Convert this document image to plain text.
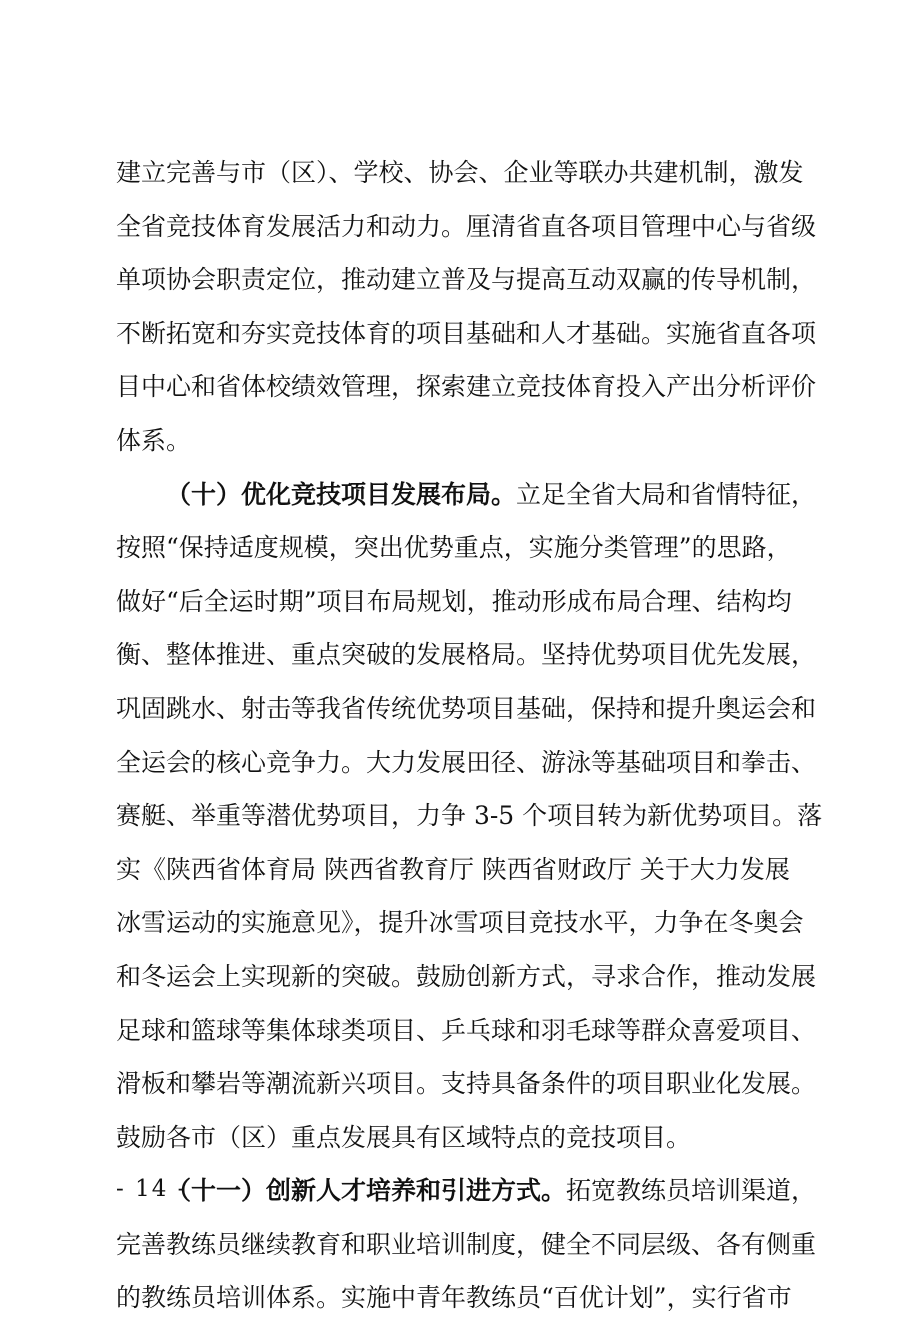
建立完善与市（区）、学校、协会、企业等联办共建机制，激发
全省竞技体育发展活力和动力。厘清省直各项目管理中心与省级
单项协会职责定位，推动建立普及与提高互动双赢的传导机制，
不断拓宽和夯实竞技体育的项目基础和人才基础。实施省直各项
目中心和省体校绩效管理，探索建立竞技体育投入产出分析评价
体系。
（十）优化竞技项目发展布局。立足全省大局和省情特征，
按照“保持适度规模，突出优势重点，实施分类管理”的思路，
做好“后全运时期”项目布局规划，推动形成布局合理、结构均
衡、整体推进、重点突破的发展格局。坚持优势项目优先发展，
巩固跳水、射击等我省传统优势项目基础，保持和提升奥运会和
全运会的核心竞争力。大力发展田径、游泳等基础项目和拳击、
赛艇、举重等潜优势项目，力争 3-5 个项目转为新优势项目。落
实《陕西省体育局 陕西省教育厅 陕西省财政厅 关于大力发展
冰雪运动的实施意见》，提升冰雪项目竞技水平，力争在冬奥会
和冬运会上实现新的突破。鼓励创新方式，寻求合作，推动发展
足球和篮球等集体球类项目、乒乓球和羽毛球等群众喜爱项目、
滑板和攀岩等潮流新兴项目。支持具备条件的项目职业化发展。
鼓励各市（区）重点发展具有区域特点的竞技项目。
（十一）创新人才培养和引进方式。拓宽教练员培训渠道，
完善教练员继续教育和职业培训制度，健全不同层级、各有侧重
的教练员培训体系。实施中青年教练员“百优计划”，实行省市
- 14 -
